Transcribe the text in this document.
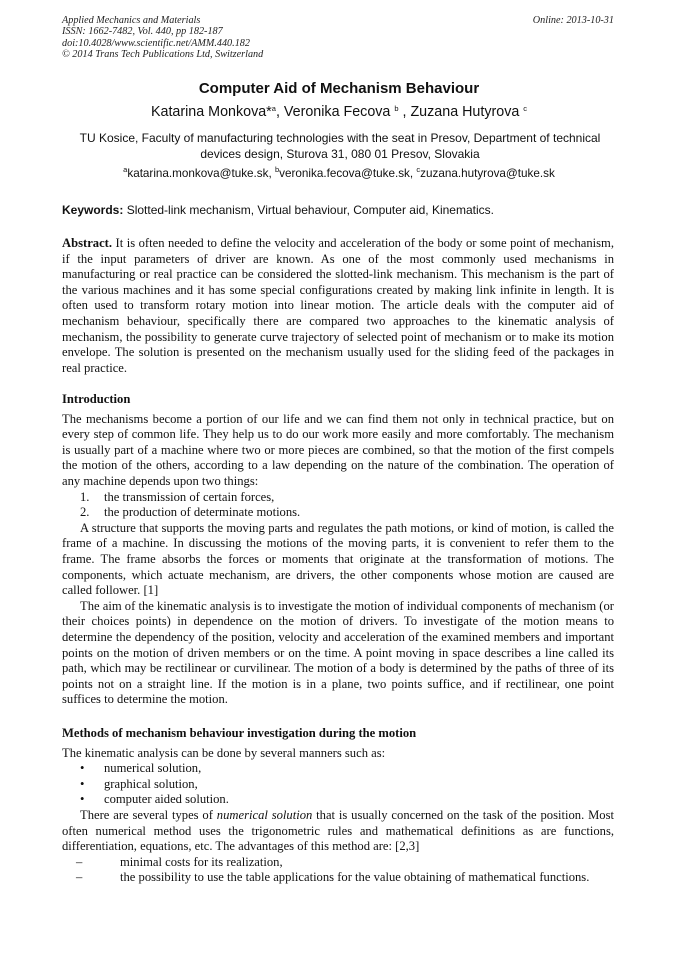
Applied Mechanics and Materials
ISSN: 1662-7482, Vol. 440, pp 182-187
doi:10.4028/www.scientific.net/AMM.440.182
© 2014 Trans Tech Publications Ltd, Switzerland
Online: 2013-10-31
Computer Aid of Mechanism Behaviour
Katarina Monkova*$^a$, Veronika Fecova $^b$ , Zuzana Hutyrova $^c$
TU Kosice, Faculty of manufacturing technologies with the seat in Presov, Department of technical devices design, Sturova 31, 080 01 Presov, Slovakia
$^a$katarina.monkova@tuke.sk, $^b$veronika.fecova@tuke.sk, $^c$zuzana.hutyrova@tuke.sk
Keywords: Slotted-link mechanism, Virtual behaviour, Computer aid, Kinematics.

Abstract. It is often needed to define the velocity and acceleration of the body or some point of mechanism, if the input parameters of driver are known. As one of the most commonly used mechanisms in manufacturing or real practice can be considered the slotted-link mechanism. This mechanism is the part of the various machines and it has some special configurations created by making link infinite in length. It is often used to transform rotary motion into linear motion. The article deals with the computer aid of mechanism behaviour, specifically there are compared two approaches to the kinematic analysis of mechanism, the possibility to generate curve trajectory of selected point of mechanism or to make its motion envelope. The solution is presented on the mechanism usually used for the sliding feed of the packages in real practice.

Introduction

The mechanisms become a portion of our life and we can find them not only in technical practice, but on every step of common life. They help us to do our work more easily and more comfortably. The mechanism is usually part of a machine where two or more pieces are combined, so that the motion of the first compels the motion of the others, according to a law depending on the nature of the combination. The operation of any machine depends upon two things:

1. the transmission of certain forces,
2. the production of determinate motions.

A structure that supports the moving parts and regulates the path motions, or kind of motion, is called the frame of a machine. In discussing the motions of the moving parts, it is convenient to refer them to the frame. The frame absorbs the forces or moments that originate at the transformation of motions. The components, which actuate mechanism, are drivers, the other components whose motion are caused are called follower. [1]

The aim of the kinematic analysis is to investigate the motion of individual components of mechanism (or their choices points) in dependence on the motion of drivers. To investigate of the motion means to determine the dependency of the position, velocity and acceleration of the examined members and important points on the motion of driven members or on the time. A point moving in space describes a line called its path, which may be rectilinear or curvilinear. The motion of a body is determined by the paths of three of its points not on a straight line. If the motion is in a plane, two points suffice, and if rectilinear, one point suffices to determine the motion.

Methods of mechanism behaviour investigation during the motion

The kinematic analysis can be done by several manners such as:

• numerical solution,
• graphical solution,
• computer aided solution.

There are several types of numerical solution that is usually concerned on the task of the position. Most often numerical method uses the trigonometric rules and mathematical definitions as are functions, differentiation, equations, etc. The advantages of this method are: [2,3]

–	minimal costs for its realization,
–	the possibility to use the table applications for the value obtaining of mathematical functions.
